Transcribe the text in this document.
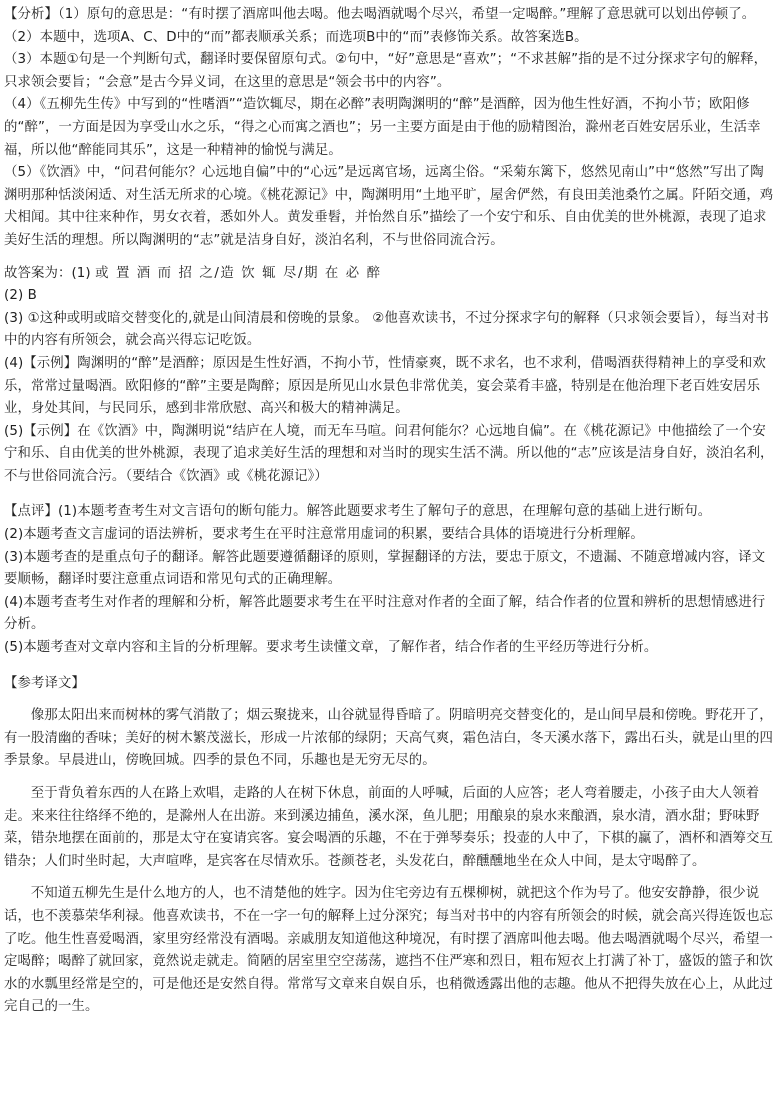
【分析】（1）原句的意思是：“有时摆了酒席叫他去喝。他去喝酒就喝个尽兴，希望一定喝醉。”理解了意思就可以划出停顿了。

（2）本题中，选项A、C、D中的“而”都表顺承关系；而选项B中的“而”表修饰关系。故答案选B。

（3）本题①句是一个判断句式，翻译时要保留原句式。②句中，“好”意思是“喜欢”；“不求甚解”指的是不过分探求字句的解释，只求领会要旨；“会意”是古今异义词，在这里的意思是“领会书中的内容”。

（4）《五柳先生传》中写到的“性嗜酒”“造饮辄尽，期在必醉”表明陶渊明的“醉”是酒醉，因为他生性好酒，不拘小节；欧阳修的“醉”，一方面是因为享受山水之乐，“得之心而寓之酒也”；另一主要方面是由于他的励精图治，滁州老百姓安居乐业，生活幸福，所以他“醉能同其乐”，这是一种精神的愉悦与满足。

（5）《饮酒》中，“问君何能尔？心远地自偏”中的“心远”是远离官场，远离尘俗。“采菊东篱下，悠然见南山”中“悠然”写出了陶渊明那种恬淡闲适、对生活无所求的心境。《桃花源记》中，陶渊明用“土地平旷，屋舍俨然，有良田美池桑竹之属。阡陌交通，鸡犬相闻。其中往来种作，男女衣着，悉如外人。黄发垂髫，并怡然自乐”描绘了一个安宁和乐、自由优美的世外桃源，表现了追求美好生活的理想。所以陶渊明的“志”就是洁身自好，淡泊名利，不与世俗同流合污。

故答案为：(1) 或 置 酒 而 招 之/造 饮 辄 尽/期 在 必 醉

(2) B

(3) ①这种或明或暗交替变化的,就是山间清晨和傍晚的景象。 ②他喜欢读书，不过分探求字句的解释（只求领会要旨），每当对书中的内容有所领会，就会高兴得忘记吃饭。

(4)【示例】陶渊明的“醉”是酒醉；原因是生性好酒，不拘小节，性情豪爽，既不求名，也不求利，借喝酒获得精神上的享受和欢乐，常常过量喝酒。欧阳修的“醉”主要是陶醉；原因是所见山水景色非常优美，宴会菜肴丰盛，特别是在他治理下老百姓安居乐业，身处其间，与民同乐，感到非常欣慰、高兴和极大的精神满足。

(5)【示例】在《饮酒》中，陶渊明说“结庐在人境，而无车马喧。问君何能尔？心远地自偏”。在《桃花源记》中他描绘了一个安宁和乐、自由优美的世外桃源，表现了追求美好生活的理想和对当时的现实生活不满。所以他的“志”应该是洁身自好，淡泊名利，不与世俗同流合污。（要结合《饮酒》或《桃花源记》）

【点评】(1)本题考查考生对文言语句的断句能力。解答此题要求考生了解句子的意思，在理解句意的基础上进行断句。

(2)本题考查文言虚词的语法辨析，要求考生在平时注意常用虚词的积累，要结合具体的语境进行分析理解。

(3)本题考查的是重点句子的翻译。解答此题要遵循翻译的原则，掌握翻译的方法，要忠于原文，不遗漏、不随意增减内容，译文要顺畅，翻译时要注意重点词语和常见句式的正确理解。

(4)本题考查考生对作者的理解和分析，解答此题要求考生在平时注意对作者的全面了解，结合作者的位置和辨析的思想情感进行分析。

(5)本题考查对文章内容和主旨的分析理解。要求考生读懂文章，了解作者，结合作者的生平经历等进行分析。

【参考译文】

像那太阳出来而树林的雾气消散了；烟云聚拢来，山谷就显得昏暗了。阴暗明亮交替变化的，是山间早晨和傍晚。野花开了，有一股清幽的香味；美好的树木繁茂滋长，形成一片浓郁的绿阴；天高气爽，霜色洁白，冬天溪水落下，露出石头，就是山里的四季景象。早晨进山，傍晚回城。四季的景色不同，乐趣也是无穷无尽的。

至于背负着东西的人在路上欢唱，走路的人在树下休息，前面的人呼喊，后面的人应答；老人弯着腰走，小孩子由大人领着走。来来往往络绎不绝的，是滁州人在出游。来到溪边捕鱼，溪水深，鱼儿肥；用酿泉的泉水来酿酒，泉水清，酒水甜；野味野菜，错杂地摆在面前的，那是太守在宴请宾客。宴会喝酒的乐趣，不在于弹琴奏乐；投壶的人中了，下棋的赢了，酒杯和酒筹交互错杂；人们时坐时起，大声喧哗，是宾客在尽情欢乐。苍颜苍老，头发花白，醉醺醺地坐在众人中间，是太守喝醉了。

不知道五柳先生是什么地方的人，也不清楚他的姓字。因为住宅旁边有五棵柳树，就把这个作为号了。他安安静静，很少说话，也不羡慕荣华利禄。他喜欢读书，不在一字一句的解释上过分深究；每当对书中的内容有所领会的时候，就会高兴得连饭也忘了吃。他生性喜爱喝酒，家里穷经常没有酒喝。亲戚朋友知道他这种境况，有时摆了酒席叫他去喝。他去喝酒就喝个尽兴，希望一定喝醉；喝醉了就回家，竟然说走就走。简陋的居室里空空荡荡，遮挡不住严寒和烈日，粗布短衣上打满了补丁，盛饭的篮子和饮水的水瓢里经常是空的，可是他还是安然自得。常常写文章来自娱自乐，也稍微透露出他的志趣。他从不把得失放在心上，从此过完自己的一生。
